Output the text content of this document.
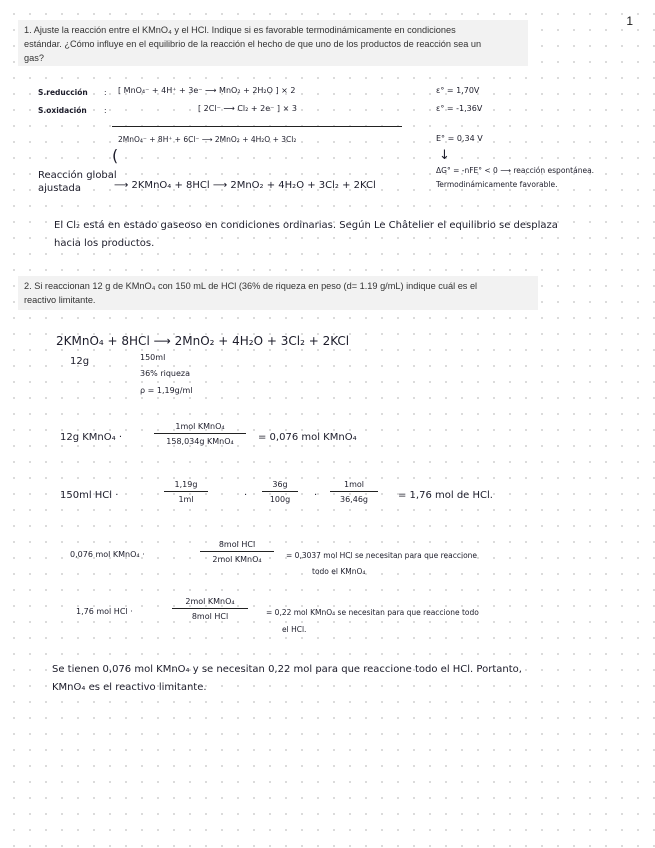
1
1. Ajuste la reacción entre el KMnO₄ y el HCl. Indique si es favorable termodinámicamente en condiciones
estándar. ¿Cómo influye en el equilibrio de la reacción el hecho de que uno de los productos de reacción sea un
gas?
S.reducción : [ MnO₄⁻ + 4H⁺ + 3e⁻ ⟶ MnO₂ + 2H₂O ] × 2	ε° = 1,70V
S.oxidación :	[ 2Cl⁻ ⟶ Cl₂ + 2e⁻ ] × 3	ε° = -1,36V
2MnO₄⁻ + 8H⁺ + 6Cl⁻ ⟶ 2MnO₂ + 4H₂O + 3Cl₂	E° = 0,34 V
(	↓
Reacción global
ajustada	⟶ 2KMnO₄ + 8HCl ⟶ 2MnO₂ + 4H₂O + 3Cl₂ + 2KCl
ΔG° = -nFE° < 0 ⟶ reacción espontánea.
Termodinámicamente favorable.
El Cl₂ está en estado gaseoso en condiciones ordinarias. Según Le Châtelier el equilibrio se desplaza
hacia los productos.
2. Si reaccionan 12 g de KMnO₄ con 150 mL de HCl (36% de riqueza en peso (d= 1.19 g/mL) indique cuál es el
reactivo limitante.
2KMnO₄ + 8HCl ⟶ 2MnO₂ + 4H₂O + 3Cl₂ + 2KCl
12g	150ml
36% riqueza
ρ = 1,19g/ml
12g KMnO₄ ·
1mol KMnO₄
158,034g KMnO₄	= 0,076 mol KMnO₄
150ml HCl ·	$\frac{1,19g}{1ml}$	· $\frac{36g}{100g}$ ·
1mol
36,46g	= 1,76 mol de HCl.
0,076 mol KMnO₄ ·
8mol HCl
2mol KMnO₄	= 0,3037 mol HCl se necesitan para que reaccione
todo el KMnO₄
1,76 mol HCl ·
2mol KMnO₄
8mol HCl	= 0,22 mol KMnO₄ se necesitan para que reaccione todo
el HCl.
Se tienen 0,076 mol KMnO₄ y se necesitan 0,22 mol para que reaccione todo el HCl. Portanto,
KMnO₄ es el reactivo limitante.
